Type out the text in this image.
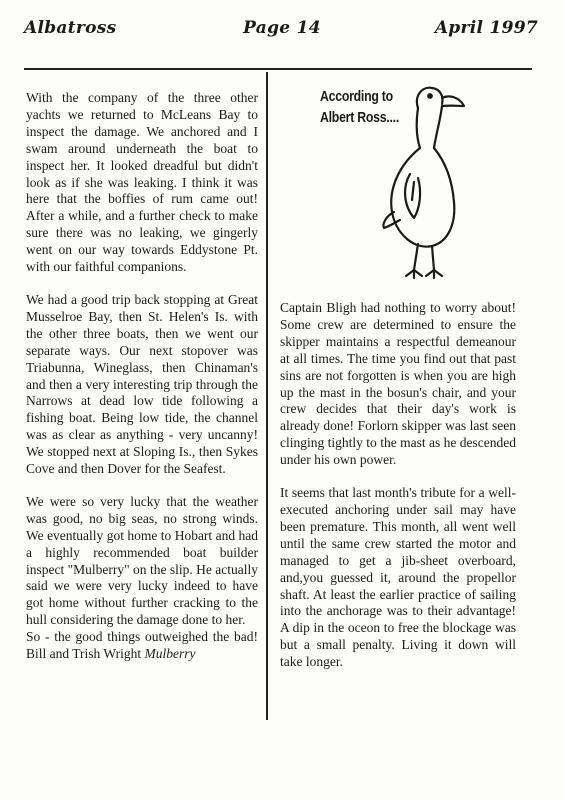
Albatross	Page 14	April 1997

With the company of the three other yachts we returned to McLeans Bay to inspect the damage. We anchored and I swam around underneath the boat to inspect her. It looked dreadful but didn't look as if she was leaking. I think it was here that the boffies of rum came out! After a while, and a further check to make sure there was no leaking, we gingerly went on our way towards Eddystone Pt. with our faithful companions.

We had a good trip back stopping at Great Musselroe Bay, then St. Helen's Is. with the other three boats, then we went our separate ways. Our next stopover was Triabunna, Wineglass, then Chinaman's and then a very interesting trip through the Narrows at dead low tide following a fishing boat. Being low tide, the channel was as clear as anything - very uncanny! We stopped next at Sloping Is., then Sykes Cove and then Dover for the Seafest.

We were so very lucky that the weather was good, no big seas, no strong winds. We eventually got home to Hobart and had a highly recommended boat builder inspect "Mulberry" on the slip. He actually said we were very lucky indeed to have got home without further cracking to the hull considering the damage done to her.

So - the good things outweighed the bad! Bill and Trish Wright Mulberry

According to
Albert Ross....

Captain Bligh had nothing to worry about! Some crew are determined to ensure the skipper maintains a respectful demeanour at all times. The time you find out that past sins are not forgotten is when you are high up the mast in the bosun's chair, and your crew decides that their day's work is already done! Forlorn skipper was last seen clinging tightly to the mast as he descended under his own power.

It seems that last month's tribute for a well-executed anchoring under sail may have been premature. This month, all went well until the same crew started the motor and managed to get a jib-sheet overboard, and,you guessed it, around the propellor shaft. At least the earlier practice of sailing into the anchorage was to their advantage! A dip in the oceon to free the blockage was but a small penalty. Living it down will take longer.
